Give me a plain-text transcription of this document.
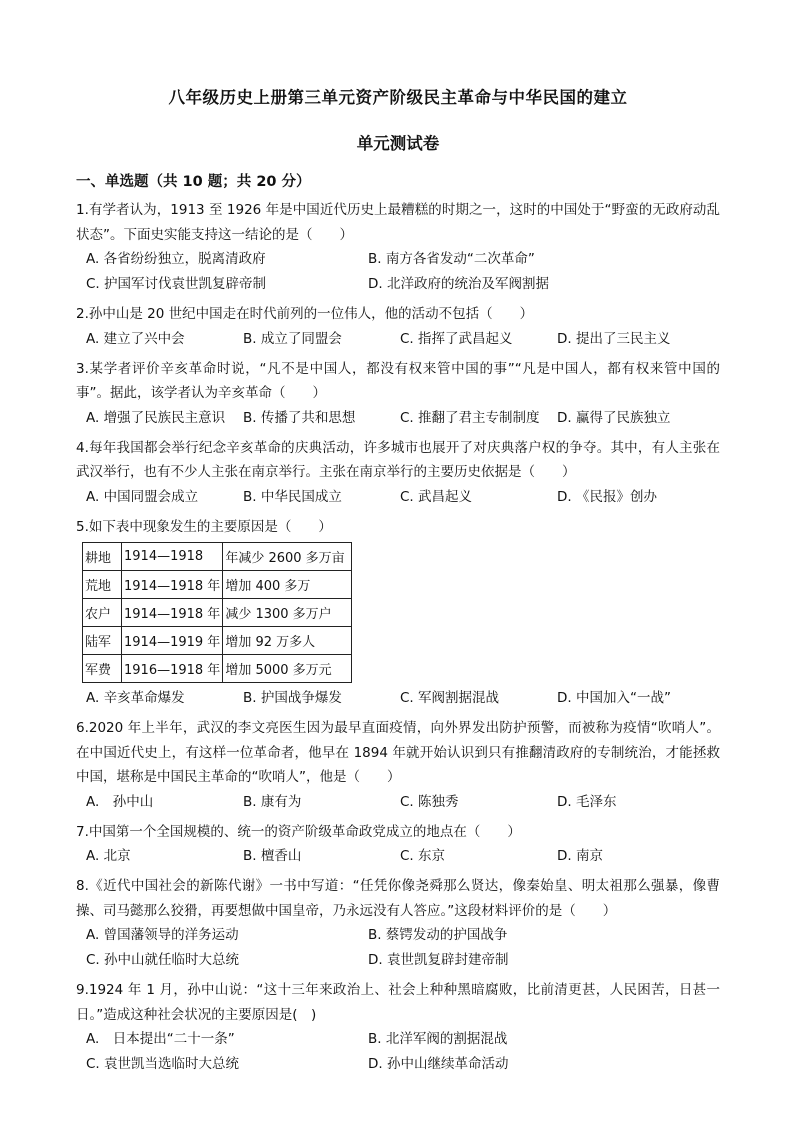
八年级历史上册第三单元资产阶级民主革命与中华民国的建立
单元测试卷
一、单选题（共 10 题；共 20 分）
1.有学者认为，1913 至 1926 年是中国近代历史上最糟糕的时期之一，这时的中国处于“野蛮的无政府动乱状态”。下面史实能支持这一结论的是（　　）
A. 各省纷纷独立，脱离清政府	B. 南方各省发动“二次革命”
C. 护国军讨伐袁世凯复辟帝制	D. 北洋政府的统治及军阀割据
2.孙中山是 20 世纪中国走在时代前列的一位伟人，他的活动不包括（　　）
A. 建立了兴中会	B. 成立了同盟会	C. 指挥了武昌起义	D. 提出了三民主义
3.某学者评价辛亥革命时说，“凡不是中国人，都没有权来管中国的事”“凡是中国人，都有权来管中国的事”。据此，该学者认为辛亥革命（　　）
A. 增强了民族民主意识	B. 传播了共和思想	C. 推翻了君主专制制度	D. 赢得了民族独立
4.每年我国都会举行纪念辛亥革命的庆典活动，许多城市也展开了对庆典落户权的争夺。其中，有人主张在武汉举行，也有不少人主张在南京举行。主张在南京举行的主要历史依据是（　　）
A. 中国同盟会成立	B. 中华民国成立	C. 武昌起义	D. 《民报》创办
5.如下表中现象发生的主要原因是（　　）
耕地	1914—1918	年减少 2600 多万亩
荒地	1914—1918 年	增加 400 多万
农户	1914—1918 年	减少 1300 多万户
陆军	1914—1919 年	增加 92 万多人
军费	1916—1918 年	增加 5000 多万元
A. 辛亥革命爆发	B. 护国战争爆发	C. 军阀割据混战	D. 中国加入“一战”
6.2020 年上半年，武汉的李文亮医生因为最早直面疫情，向外界发出防护预警，而被称为疫情“吹哨人”。在中国近代史上，有这样一位革命者，他早在 1894 年就开始认识到只有推翻清政府的专制统治，才能拯救中国，堪称是中国民主革命的“吹哨人”，他是（　　）
A.　孙中山	B. 康有为	C. 陈独秀	D. 毛泽东
7.中国第一个全国规模的、统一的资产阶级革命政党成立的地点在（　　）
A. 北京	B. 檀香山	C. 东京	D. 南京
8.《近代中国社会的新陈代谢》一书中写道：“任凭你像尧舜那么贤达，像秦始皇、明太祖那么强暴，像曹操、司马懿那么狡猾，再要想做中国皇帝，乃永远没有人答应。”这段材料评价的是（　　）
A. 曾国藩领导的洋务运动	B. 蔡锷发动的护国战争
C. 孙中山就任临时大总统	D. 袁世凯复辟封建帝制
9.1924 年 1 月，孙中山说：“这十三年来政治上、社会上种种黑暗腐败，比前清更甚，人民困苦，日甚一日。”造成这种社会状况的主要原因是(　)
A.　日本提出“二十一条”	B. 北洋军阀的割据混战
C. 袁世凯当选临时大总统	D. 孙中山继续革命活动
